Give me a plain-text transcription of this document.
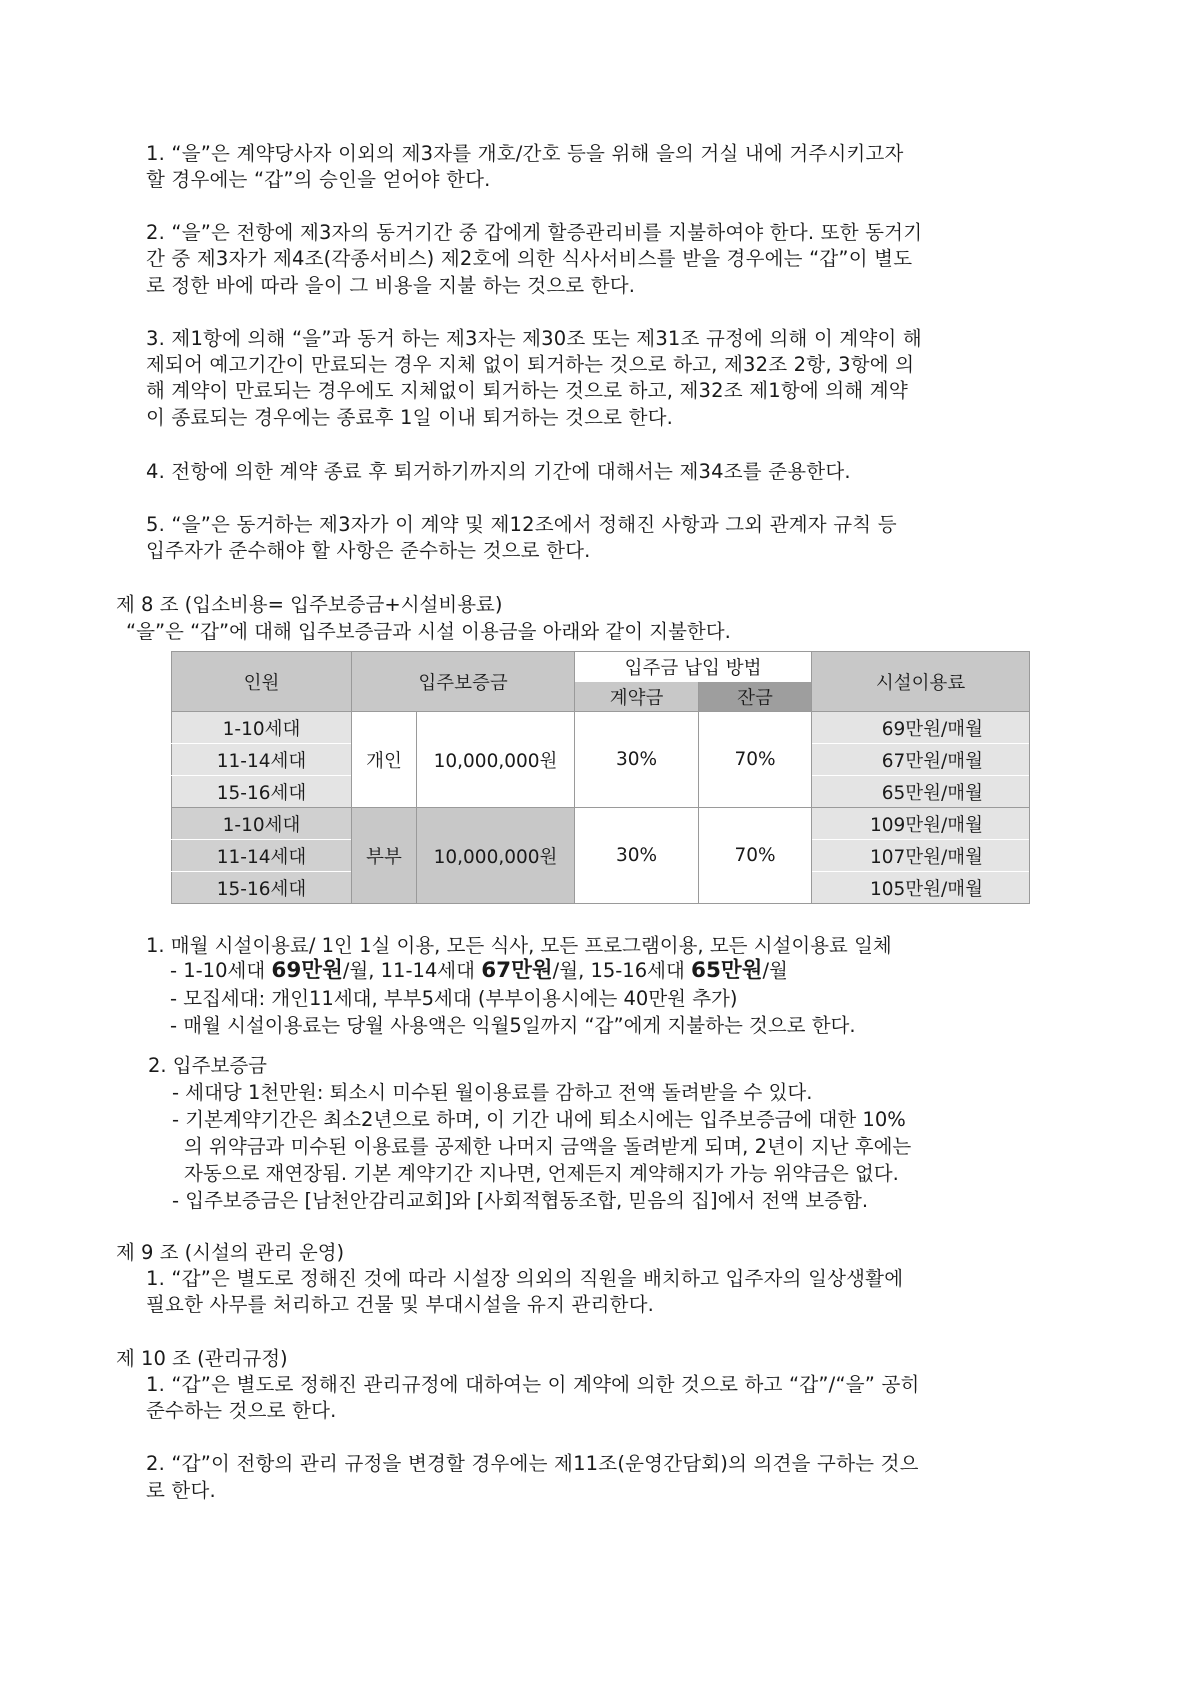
1. “을”은 계약당사자 이외의 제3자를 개호/간호 등을 위해 을의 거실 내에 거주시키고자
할 경우에는 “갑”의 승인을 얻어야 한다.
2. “을”은 전항에 제3자의 동거기간 중 갑에게 할증관리비를 지불하여야 한다. 또한 동거기
간 중 제3자가 제4조(각종서비스) 제2호에 의한 식사서비스를 받을 경우에는 “갑”이 별도
로 정한 바에 따라 을이 그 비용을 지불 하는 것으로 한다.
3. 제1항에 의해 “을”과 동거 하는 제3자는 제30조 또는 제31조 규정에 의해 이 계약이 해
제되어 예고기간이 만료되는 경우 지체 없이 퇴거하는 것으로 하고, 제32조 2항, 3항에 의
해 계약이 만료되는 경우에도 지체없이 퇴거하는 것으로 하고, 제32조 제1항에 의해 계약
이 종료되는 경우에는 종료후 1일 이내 퇴거하는 것으로 한다.
4. 전항에 의한 계약 종료 후 퇴거하기까지의 기간에 대해서는 제34조를 준용한다.
5. “을”은 동거하는 제3자가 이 계약 및 제12조에서 정해진 사항과 그외 관계자 규칙 등
입주자가 준수해야 할 사항은 준수하는 것으로 한다.
제 8 조 (입소비용= 입주보증금+시설비용료)
“을”은 “갑”에 대해 입주보증금과 시설 이용금을 아래와 같이 지불한다.
인원	입주보증금		입주금 납입 방법		시설이용료
			계약금	잔금	
1-10세대	개인	10,000,000원	30%	70%	69만원/매월
11-14세대					67만원/매월
15-16세대					65만원/매월
1-10세대	부부	10,000,000원	30%	70%	109만원/매월
11-14세대					107만원/매월
15-16세대					105만원/매월
1. 매월 시설이용료/ 1인 1실 이용, 모든 식사, 모든 프로그램이용, 모든 시설이용료 일체
- 1-10세대 69만원/월, 11-14세대 67만원/월, 15-16세대 65만원/월
- 모집세대: 개인11세대, 부부5세대 (부부이용시에는 40만원 추가)
- 매월 시설이용료는 당월 사용액은 익월5일까지 “갑”에게 지불하는 것으로 한다.
2. 입주보증금
- 세대당 1천만원: 퇴소시 미수된 월이용료를 감하고 전액 돌려받을 수 있다.
- 기본계약기간은 최소2년으로 하며, 이 기간 내에 퇴소시에는 입주보증금에 대한 10%
의 위약금과 미수된 이용료를 공제한 나머지 금액을 돌려받게 되며, 2년이 지난 후에는
자동으로 재연장됨. 기본 계약기간 지나면, 언제든지 계약해지가 가능 위약금은 없다.
- 입주보증금은 [남천안감리교회]와 [사회적협동조합, 믿음의 집]에서 전액 보증함.
제 9 조 (시설의 관리 운영)
1. “갑”은 별도로 정해진 것에 따라 시설장 의외의 직원을 배치하고 입주자의 일상생활에
필요한 사무를 처리하고 건물 및 부대시설을 유지 관리한다.
제 10 조 (관리규정)
1. “갑”은 별도로 정해진 관리규정에 대하여는 이 계약에 의한 것으로 하고 “갑”/“을” 공히
준수하는 것으로 한다.
2. “갑”이 전항의 관리 규정을 변경할 경우에는 제11조(운영간담회)의 의견을 구하는 것으
로 한다.
